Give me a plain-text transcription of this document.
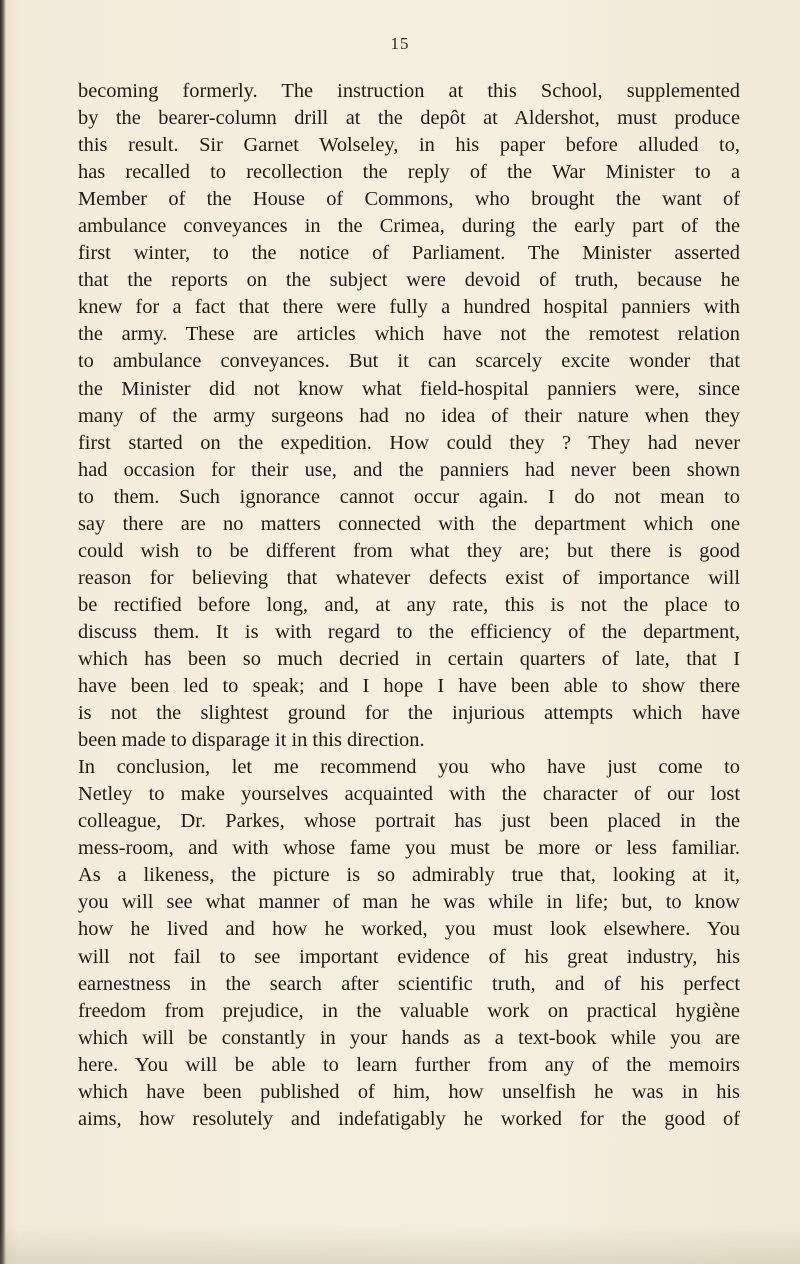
15
becoming formerly. The instruction at this School, supplemented
by the bearer-column drill at the depôt at Aldershot, must produce
this result. Sir Garnet Wolseley, in his paper before alluded to,
has recalled to recollection the reply of the War Minister to a
Member of the House of Commons, who brought the want of
ambulance conveyances in the Crimea, during the early part of the
first winter, to the notice of Parliament. The Minister asserted
that the reports on the subject were devoid of truth, because he
knew for a fact that there were fully a hundred hospital panniers with
the army. These are articles which have not the remotest relation
to ambulance conveyances. But it can scarcely excite wonder that
the Minister did not know what field-hospital panniers were, since
many of the army surgeons had no idea of their nature when they
first started on the expedition. How could they ? They had never
had occasion for their use, and the panniers had never been shown
to them. Such ignorance cannot occur again. I do not mean to
say there are no matters connected with the department which one
could wish to be different from what they are; but there is good
reason for believing that whatever defects exist of importance will
be rectified before long, and, at any rate, this is not the place to
discuss them. It is with regard to the efficiency of the department,
which has been so much decried in certain quarters of late, that I
have been led to speak; and I hope I have been able to show there
is not the slightest ground for the injurious attempts which have
been made to disparage it in this direction.
In conclusion, let me recommend you who have just come to
Netley to make yourselves acquainted with the character of our lost
colleague, Dr. Parkes, whose portrait has just been placed in the
mess-room, and with whose fame you must be more or less familiar.
As a likeness, the picture is so admirably true that, looking at it,
you will see what manner of man he was while in life; but, to know
how he lived and how he worked, you must look elsewhere. You
will not fail to see important evidence of his great industry, his
earnestness in the search after scientific truth, and of his perfect
freedom from prejudice, in the valuable work on practical hygiène
which will be constantly in your hands as a text-book while you are
here. You will be able to learn further from any of the memoirs
which have been published of him, how unselfish he was in his
aims, how resolutely and indefatigably he worked for the good of
